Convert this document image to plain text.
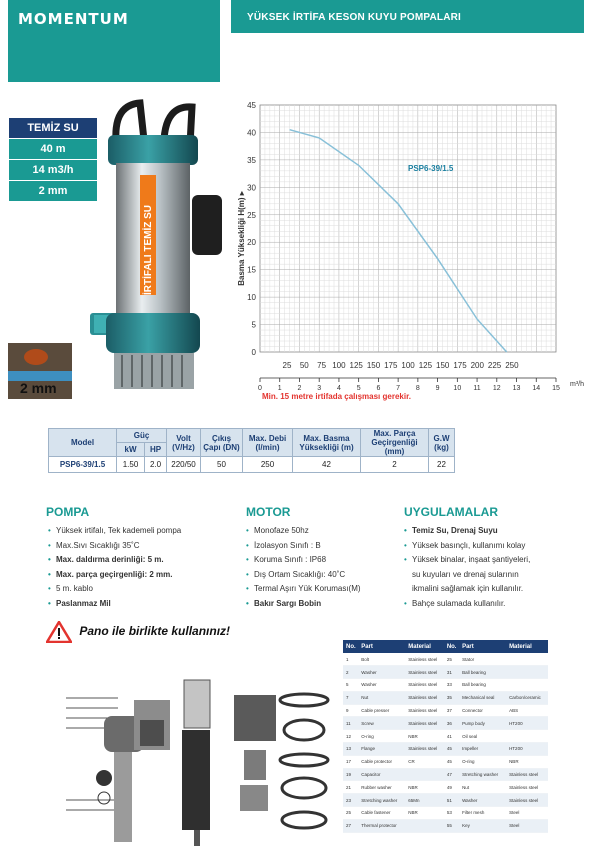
MOMENTUM	YÜKSEK İRTİFA KESON KUYU POMPALARI
TEMİZ SU
40 m
14 m3/h
2 mm
İRTİFALI TEMİZ SU
2 mm
0
5
10
15
20
25
30
35
40
45
Basma Yüksekliği H(m) ▸
25 50 75 100 125 150 175 100 125 150 175 200 225 250
0 1 2 3 4 5 6 7 8 9 10 11 12 13 14 15
m³/h
PSP6-39/1.5
Min. 15 metre irtifada çalışması gerekir.
Model	Güç		Volt (V/Hz)	Çıkış Çapı (DN)	Max. Debi (l/min)	Max. Basma Yüksekliği (m)	Max. Parça Geçirgenliği (mm)	G.W (kg)
	kW	HP						
PSP6-39/1.5	1.50	2.0	220/50	50	250	42	2	22
POMPA
• Yüksek irtifalı, Tek kademeli pompa
• Max.Sıvı Sıcaklığı 35˚C
• Max. daldırma derinliği: 5 m.
• Max. parça geçirgenliği: 2 mm.
• 5 m. kablo
• Paslanmaz Mil
MOTOR
• Monofaze 50hz
• İzolasyon Sınıfı : B
• Koruma Sınıfı : IP68
• Dış Ortam Sıcaklığı: 40˚C
• Termal Aşırı Yük Koruması(M)
• Bakır Sargı Bobin
UYGULAMALAR
• Temiz Su, Drenaj Suyu
• Yüksek basınçlı, kullanımı kolay
• Yüksek binalar, inşaat şantiyeleri,
su kuyuları ve drenaj sularının
ikmalini sağlamak için kullanılır.
• Bahçe sulamada kullanılır.
Pano ile birlikte kullanınız!
No.	Part	Material	No.	Part	Material
1	Bolt	Stainless steel	25	Stator	
2	Washer	Stainless steel	31	Ball bearing	
5	Washer	Stainless steel	33	Ball bearing	
7	Nut	Stainless steel	35	Mechanical seal	Carbon/ceramic
9	Cable presser	Stainless steel	37	Connector	ABS
11	Screw	Stainless steel	36	Pump body	HT200
12	O-ring	NBR	41	Oil seal	
13	Flange	Stainless steel	45	Impeller	HT200
17	Cable protector	CR	45	O-ring	NBR
19	Capacitor		47	Stretching washer	Stainless steel
21	Rubber washer	NBR	49	Nut	Stainless steel
23	Stretching washer	65Mn	51	Washer	Stainless steel
25	Cable fastener	NBR	53	Filter mesh	Steel
27	Thermal protector		55	Key	Steel
